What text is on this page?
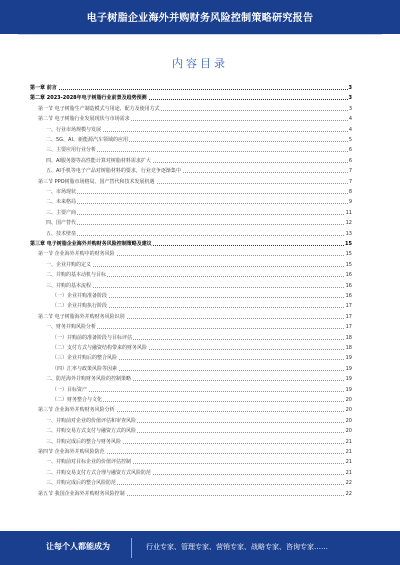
电子树脂企业海外并购财务风险控制策略研究报告
内容目录
第一章 前言	3
第二章 2023-2028年电子树脂行业前景及趋势预测	3
第一节 电子树脂生产制造模式与用途、配方及使用方式	3
第二节 电子树脂行业发展现状与市场需求	4
一、行业市场规模与发展	4
二、5G、AI、新能源汽车领域的应用	5
三、主要应用行业分析	6
四、AI服务器等高性能计算对树脂材料需求扩大	6
五、AI手机等电子产品对树脂材料的要求，行业竞争逐渐集中	7
第三节 PPO树脂市场格局、国产替代和技术发展机遇	7
一、市场现状	8
二、未来格局	9
三、主要产商	11
四、国产替代	12
五、技术壁垒	13
第三章 电子树脂企业海外并购财务风险控制策略及建议	15
第一节 企业海外并购中的财务风险	15
一、企业并购的定义	15
二、并购的基本动机与目标	16
三、并购的基本流程	16
（一）企业并购准备阶段	16
（二）企业并购执行阶段	17
第二节 电子树脂海外并购财务风险识别	17
一、财务并购风险分析	17
（一）并购前的准备阶段与目标评估	18
（二）支付方式与融资结构带来的财务风险	18
（三）企业并购后的整合风险	19
（四）汇率与政策风险等因素	19
二、防范海外并购财务风险的控制策略	19
（一）目标资产	19
（二）财务整合与文化	20
第三节 企业海外并购财务风险分析	20
一、并购前对企业的价值评估和审查风险	20
二、并购交易方式支付与融资方式的风险	20
三、并购完成后的整合与财务风险	21
第四节 企业海外并购风险防范	21
一、并购前对目标企业的价值评估控制	21
二、并购交易支付方式合理与融资方式风险防范	21
三、并购完成后的整合风险防范	22
第五节 我国企业海外并购财务风险控制	22
让每个人都能成为	行业专家、管理专家、营销专家、战略专家、咨询专家……
